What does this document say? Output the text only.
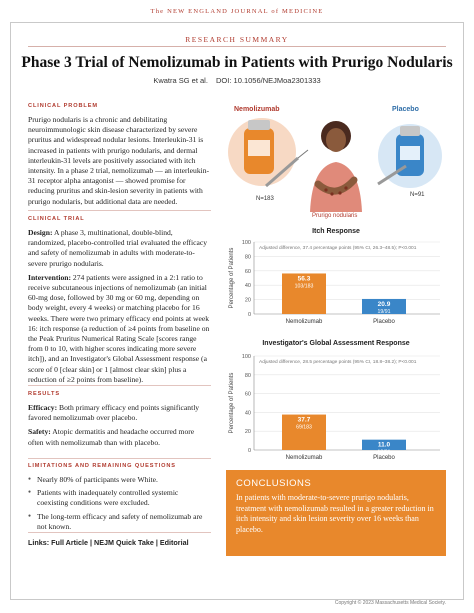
The NEW ENGLAND JOURNAL of MEDICINE
RESEARCH SUMMARY
Phase 3 Trial of Nemolizumab in Patients with Prurigo Nodularis
Kwatra SG et al. DOI: 10.1056/NEJMoa2301333
CLINICAL PROBLEM
Prurigo nodularis is a chronic and debilitating neuroimmunologic skin disease characterized by severe pruritus and widespread nodular lesions. Interleukin-31 is increased in patients with prurigo nodularis, and dermal interleukin-31 levels are positively associated with itch intensity. In a phase 2 trial, nemolizumab — an interleukin-31 receptor alpha antagonist — showed promise for reducing pruritus and skin-lesion severity in patients with prurigo nodularis, but additional data are needed.
CLINICAL TRIAL

Design: A phase 3, multinational, double-blind, randomized, placebo-controlled trial evaluated the efficacy and safety of nemolizumab in adults with moderate-to-severe prurigo nodularis.

Intervention: 274 patients were assigned in a 2:1 ratio to receive subcutaneous injections of nemolizumab (an initial 60-mg dose, followed by 30 mg or 60 mg, depending on body weight, every 4 weeks) or matching placebo for 16 weeks. There were two primary efficacy end points at week 16: itch response (a reduction of ≥4 points from baseline on the Peak Pruritus Numerical Rating Scale [scores range from 0 to 10, with higher scores indicating more severe itch]), and an Investigator's Global Assessment response (a score of 0 [clear skin] or 1 [almost clear skin] plus a reduction of ≥2 points from baseline).

RESULTS

Efficacy: Both primary efficacy end points significantly favored nemolizumab over placebo.

Safety: Atopic dermatitis and headache occurred more often with nemolizumab than with placebo.

LIMITATIONS AND REMAINING QUESTIONS
● Nearly 80% of participants were White.
● Patients with inadequately controlled systemic coexisting conditions were excluded.
● The long-term efficacy and safety of nemolizumab are not known.
Links: Full Article | NEJM Quick Take | Editorial
Nemolizumab	Placebo
N=183
N=91
Prurigo nodularis
Itch Response
Percentage of Patients
0
20
40
60
80
100
Adjusted difference, 37.4 percentage points (95% CI, 26.3–48.5); P<0.001
56.3
103/183
Nemolizumab
20.9
19/91
Placebo
Investigator's Global Assessment Response
Percentage of Patients
0
20
40
60
80
100
Adjusted difference, 28.5 percentage points (95% CI, 18.8–38.2); P<0.001
37.7
69/183
Nemolizumab
11.0
10/91
Placebo
CONCLUSIONS
In patients with moderate-to-severe prurigo nodularis, treatment with nemolizumab resulted in a greater reduction in itch intensity and skin lesion severity over 16 weeks than placebo.
Copyright © 2023 Massachusetts Medical Society.
